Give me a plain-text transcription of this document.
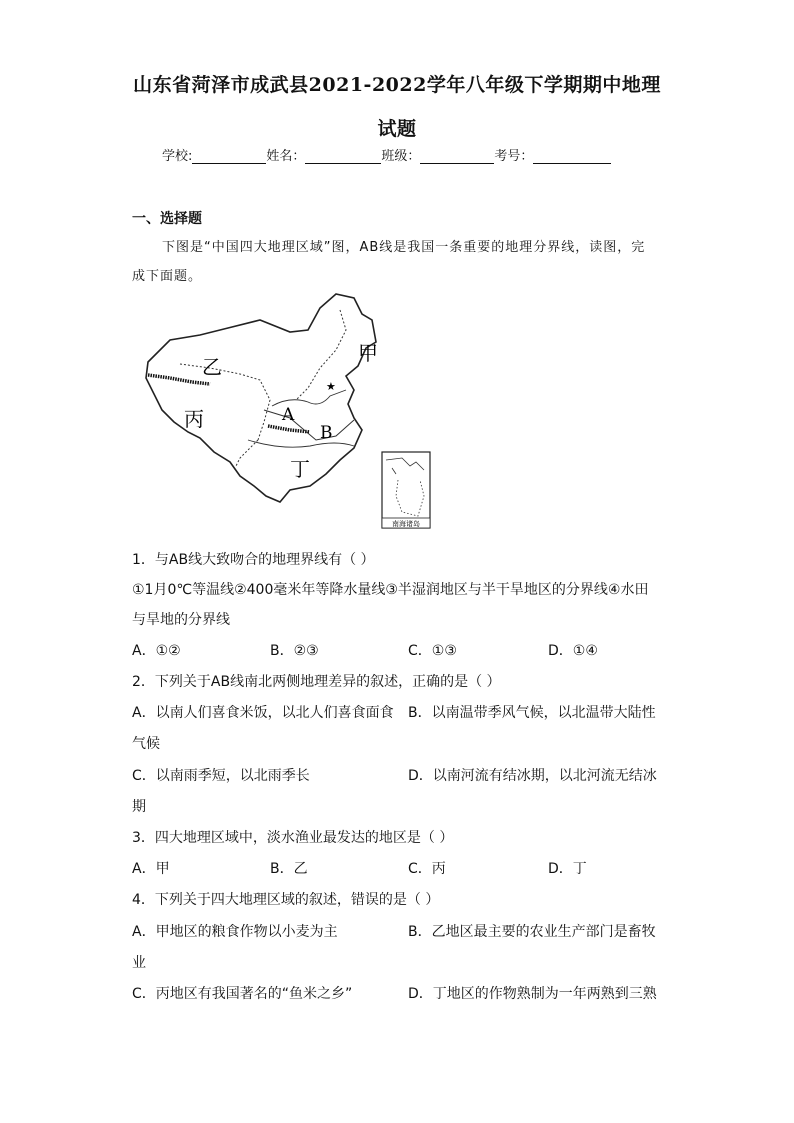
山东省菏泽市成武县2021-2022学年八年级下学期期中地理
试题
学校:	姓名：	班级：	考号：
一、选择题
下图是“中国四大地理区域”图，AB线是我国一条重要的地理分界线，读图，完
成下面题。
★
甲
乙
丙
丁
A
B
南海诸岛
1．与AB线大致吻合的地理界线有（ ）
①1月0℃等温线②400毫米年等降水量线③半湿润地区与半干旱地区的分界线④水田
与旱地的分界线
A．①②	B．②③	C．①③	D．①④
2．下列关于AB线南北两侧地理差异的叙述，正确的是（ ）
A．以南人们喜食米饭，以北人们喜食面食 B．以南温带季风气候，以北温带大陆性
气候
C．以南雨季短，以北雨季长	D．以南河流有结冰期，以北河流无结冰
期
3．四大地理区域中，淡水渔业最发达的地区是（ ）
A．甲	B．乙	C．丙	D．丁
4．下列关于四大地理区域的叙述，错误的是（ ）
A．甲地区的粮食作物以小麦为主	B．乙地区最主要的农业生产部门是畜牧
业
C．丙地区有我国著名的“鱼米之乡”	D．丁地区的作物熟制为一年两熟到三熟
